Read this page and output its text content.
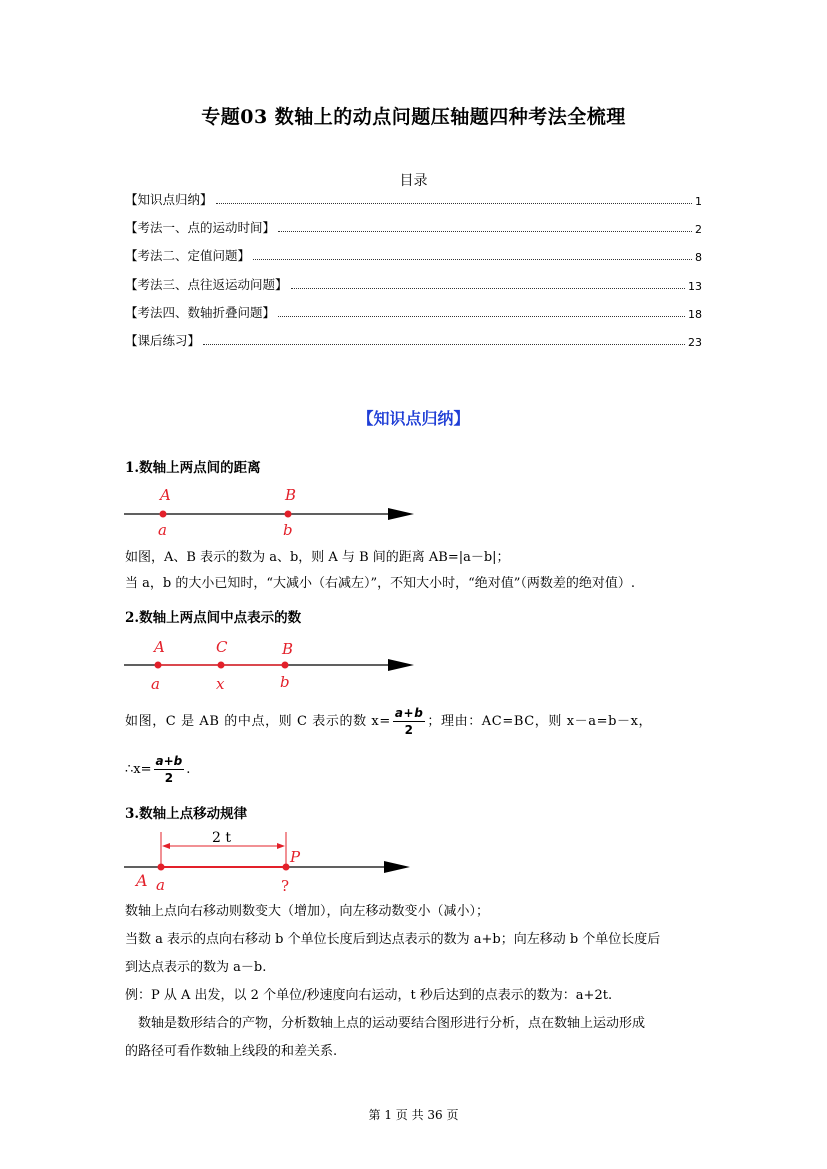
专题03 数轴上的动点问题压轴题四种考法全梳理
目录
【知识点归纳】	1
【考法一、点的运动时间】	2
【考法二、定值问题】	8
【考法三、点往返运动问题】	13
【考法四、数轴折叠问题】	18
【课后练习】	23
【知识点归纳】
1.数轴上两点间的距离
A	B
a	b
如图，A、B 表示的数为 a、b，则 A 与 B 间的距离 AB=|a－b|；
当 a，b 的大小已知时，“大减小（右减左）”，不知大小时，“绝对值”（两数差的绝对值）.
2.数轴上两点间中点表示的数
A	C	B
a	x	b
如图，C 是 AB 的中点，则 C 表示的数 $x= \frac{a+b}{2}$ ；理由：AC=BC，则 x－a=b－x，
∴x= $\frac{a+b}{2}$ .
3.数轴上点移动规律
2 t
P
A a	?
数轴上点向右移动则数变大（增加），向左移动数变小（减小）；
当数 a 表示的点向右移动 b 个单位长度后到达点表示的数为 a+b；向左移动 b 个单位长度后
到达点表示的数为 a－b.
例：P 从 A 出发，以 2 个单位/秒速度向右运动，t 秒后达到的点表示的数为：a+2t.
数轴是数形结合的产物，分析数轴上点的运动要结合图形进行分析，点在数轴上运动形成
的路径可看作数轴上线段的和差关系.
第 1 页 共 36 页
